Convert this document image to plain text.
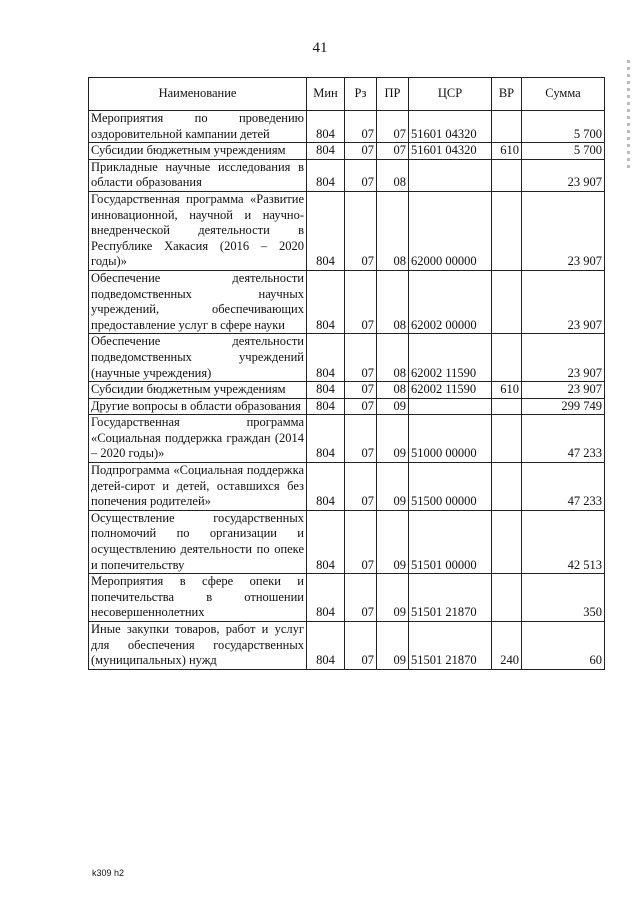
41
Наименование	Мин	Рз	ПР	ЦСР	ВР	Сумма
Мероприятия по проведению оздоровительной кампании детей	804	07	07	51601 04320		5 700
Субсидии бюджетным учреждениям	804	07	07	51601 04320	610	5 700
Прикладные научные исследования в области образования	804	07	08			23 907
Государственная программа «Развитие инновационной, научной и научно-внедренческой деятельности в Республике Хакасия (2016 – 2020 годы)»	804	07	08	62000 00000		23 907
Обеспечение деятельности подведомственных научных учреждений, обеспечивающих предоставление услуг в сфере науки	804	07	08	62002 00000		23 907
Обеспечение деятельности подведомственных учреждений (научные учреждения)	804	07	08	62002 11590		23 907
Субсидии бюджетным учреждениям	804	07	08	62002 11590	610	23 907
Другие вопросы в области образования	804	07	09			299 749
Государственная программа «Социальная поддержка граждан (2014 – 2020 годы)»	804	07	09	51000 00000		47 233
Подпрограмма «Социальная поддержка детей-сирот и детей, оставшихся без попечения родителей»	804	07	09	51500 00000		47 233
Осуществление государственных полномочий по организации и осуществлению деятельности по опеке и попечительству	804	07	09	51501 00000		42 513
Мероприятия в сфере опеки и попечительства в отношении несовершеннолетних	804	07	09	51501 21870		350
Иные закупки товаров, работ и услуг для обеспечения государственных (муниципальных) нужд	804	07	09	51501 21870	240	60
k309 h2
